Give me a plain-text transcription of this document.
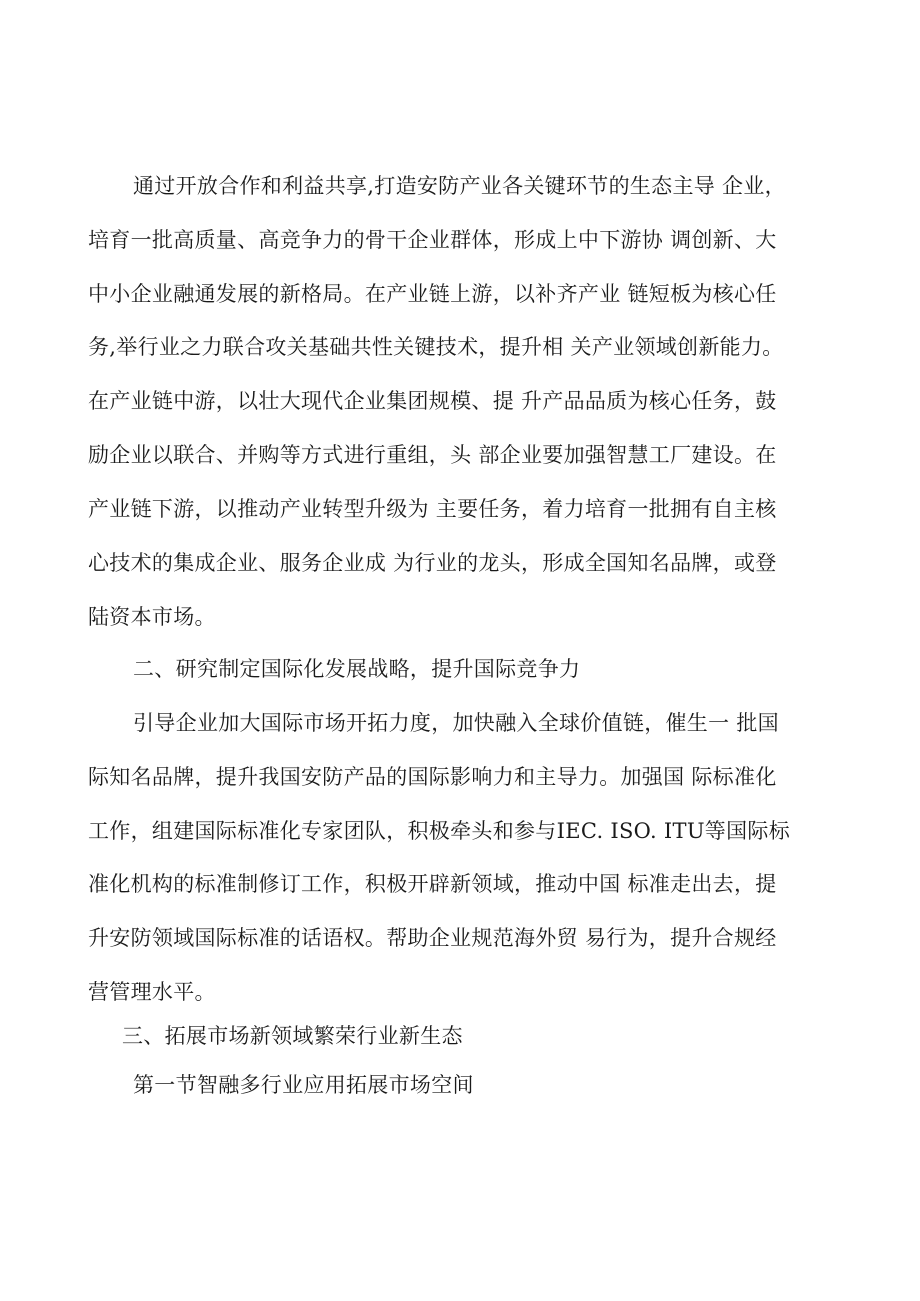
通过开放合作和利益共享,打造安防产业各关键环节的生态主导 企业，
培育一批高质量、高竞争力的骨干企业群体，形成上中下游协 调创新、大
中小企业融通发展的新格局。在产业链上游，以补齐产业 链短板为核心任
务,举行业之力联合攻关基础共性关键技术，提升相 关产业领域创新能力。
在产业链中游，以壮大现代企业集团规模、提 升产品品质为核心任务，鼓
励企业以联合、并购等方式进行重组，头 部企业要加强智慧工厂建设。在
产业链下游，以推动产业转型升级为 主要任务，着力培育一批拥有自主核
心技术的集成企业、服务企业成 为行业的龙头，形成全国知名品牌，或登
陆资本市场。
二、研究制定国际化发展战略，提升国际竞争力
引导企业加大国际市场开拓力度，加快融入全球价值链，催生一 批国
际知名品牌，提升我国安防产品的国际影响力和主导力。加强国 际标准化
工作，组建国际标准化专家团队，积极牵头和参与IEC. ISO. ITU等国际标
准化机构的标准制修订工作，积极开辟新领域，推动中国 标准走出去，提
升安防领域国际标准的话语权。帮助企业规范海外贸 易行为，提升合规经
营管理水平。
三、拓展市场新领域繁荣行业新生态
第一节智融多行业应用拓展市场空间
